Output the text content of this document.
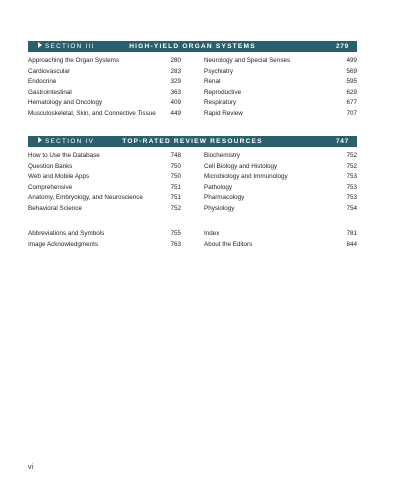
SECTION III	HIGH-YIELD ORGAN SYSTEMS	279
Approaching the Organ Systems	280
Cardiovascular	283
Endocrine	329
Gastrointestinal	363
Hematology and Oncology	409
Musculoskeletal, Skin, and Connective Tissue 449
Neurology and Special Senses	499
Psychiatry	569
Renal	595
Reproductive	629
Respiratory	677
Rapid Review	707
SECTION IV	TOP-RATED REVIEW RESOURCES	747
How to Use the Database	748
Question Banks	750
Web and Mobile Apps	750
Comprehensive	751
Anatomy, Embryology, and Neuroscience	751
Behavioral Science	752
Biochemistry	752
Cell Biology and Histology	752
Microbiology and Immunology	753
Pathology	753
Pharmacology	753
Physiology	754
Abbreviations and Symbols	755
Image Acknowledgments	763
Index	781
About the Editors	844
vi
